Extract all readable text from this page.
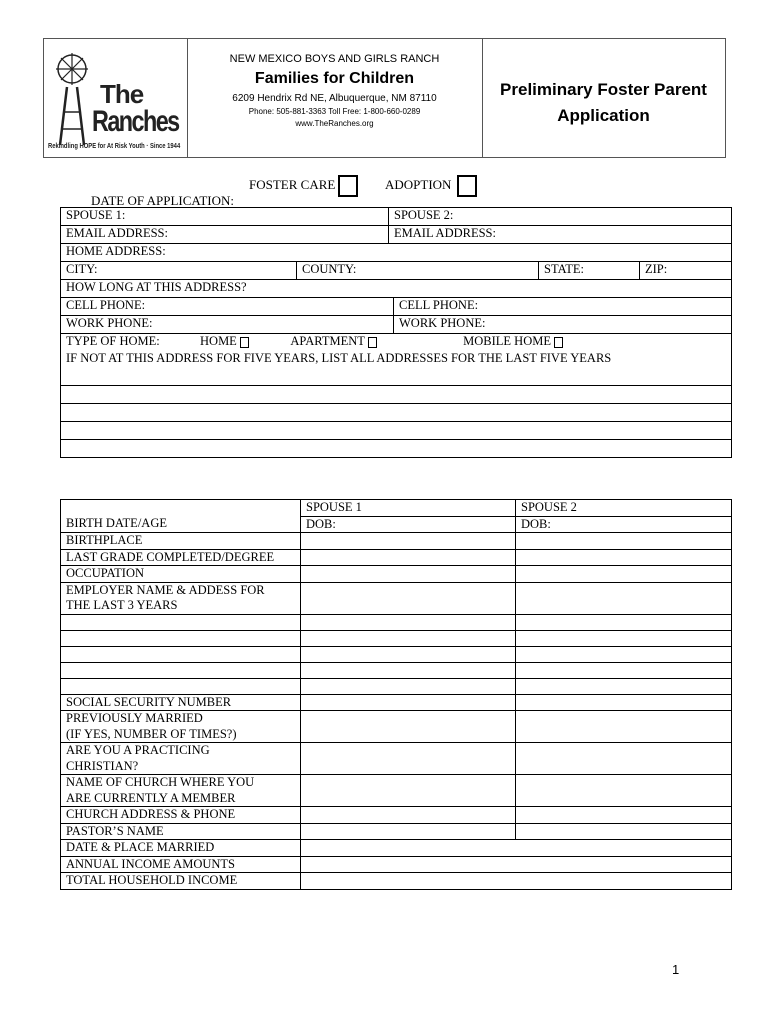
The
Ranches
Rekindling HOPE for At Risk Youth · Since 1944
NEW MEXICO BOYS AND GIRLS RANCH
Families for Children
6209 Hendrix Rd NE, Albuquerque, NM 87110
Phone: 505-881-3363 Toll Free: 1-800-660-0289
www.TheRanches.org
Preliminary Foster Parent
Application
FOSTER CARE	ADOPTION
DATE OF APPLICATION:
SPOUSE 1:		SPOUSE 2:			
EMAIL ADDRESS:		EMAIL ADDRESS:			
HOME ADDRESS:					
CITY:	COUNTY:			STATE:	ZIP:
HOW LONG AT THIS ADDRESS?					
CELL PHONE:			CELL PHONE:		
WORK PHONE:			WORK PHONE:		
TYPE OF HOME: HOME APARTMENT MOBILE HOME					
IF NOT AT THIS ADDRESS FOR FIVE YEARS, LIST ALL ADDRESSES FOR THE LAST FIVE YEARS					

	SPOUSE 1	SPOUSE 2
BIRTH DATE/AGE	DOB:	DOB:
BIRTHPLACE		
LAST GRADE COMPLETED/DEGREE		
OCCUPATION		
EMPLOYER NAME & ADDESS FOR
THE LAST 3 YEARS		

SOCIAL SECURITY NUMBER		
PREVIOUSLY MARRIED
(IF YES, NUMBER OF TIMES?)		
ARE YOU A PRACTICING
CHRISTIAN?		
NAME OF CHURCH WHERE YOU
ARE CURRENTLY A MEMBER		
CHURCH ADDRESS & PHONE		
PASTOR’S NAME		
DATE & PLACE MARRIED		
ANNUAL INCOME AMOUNTS		
TOTAL HOUSEHOLD INCOME		
1
